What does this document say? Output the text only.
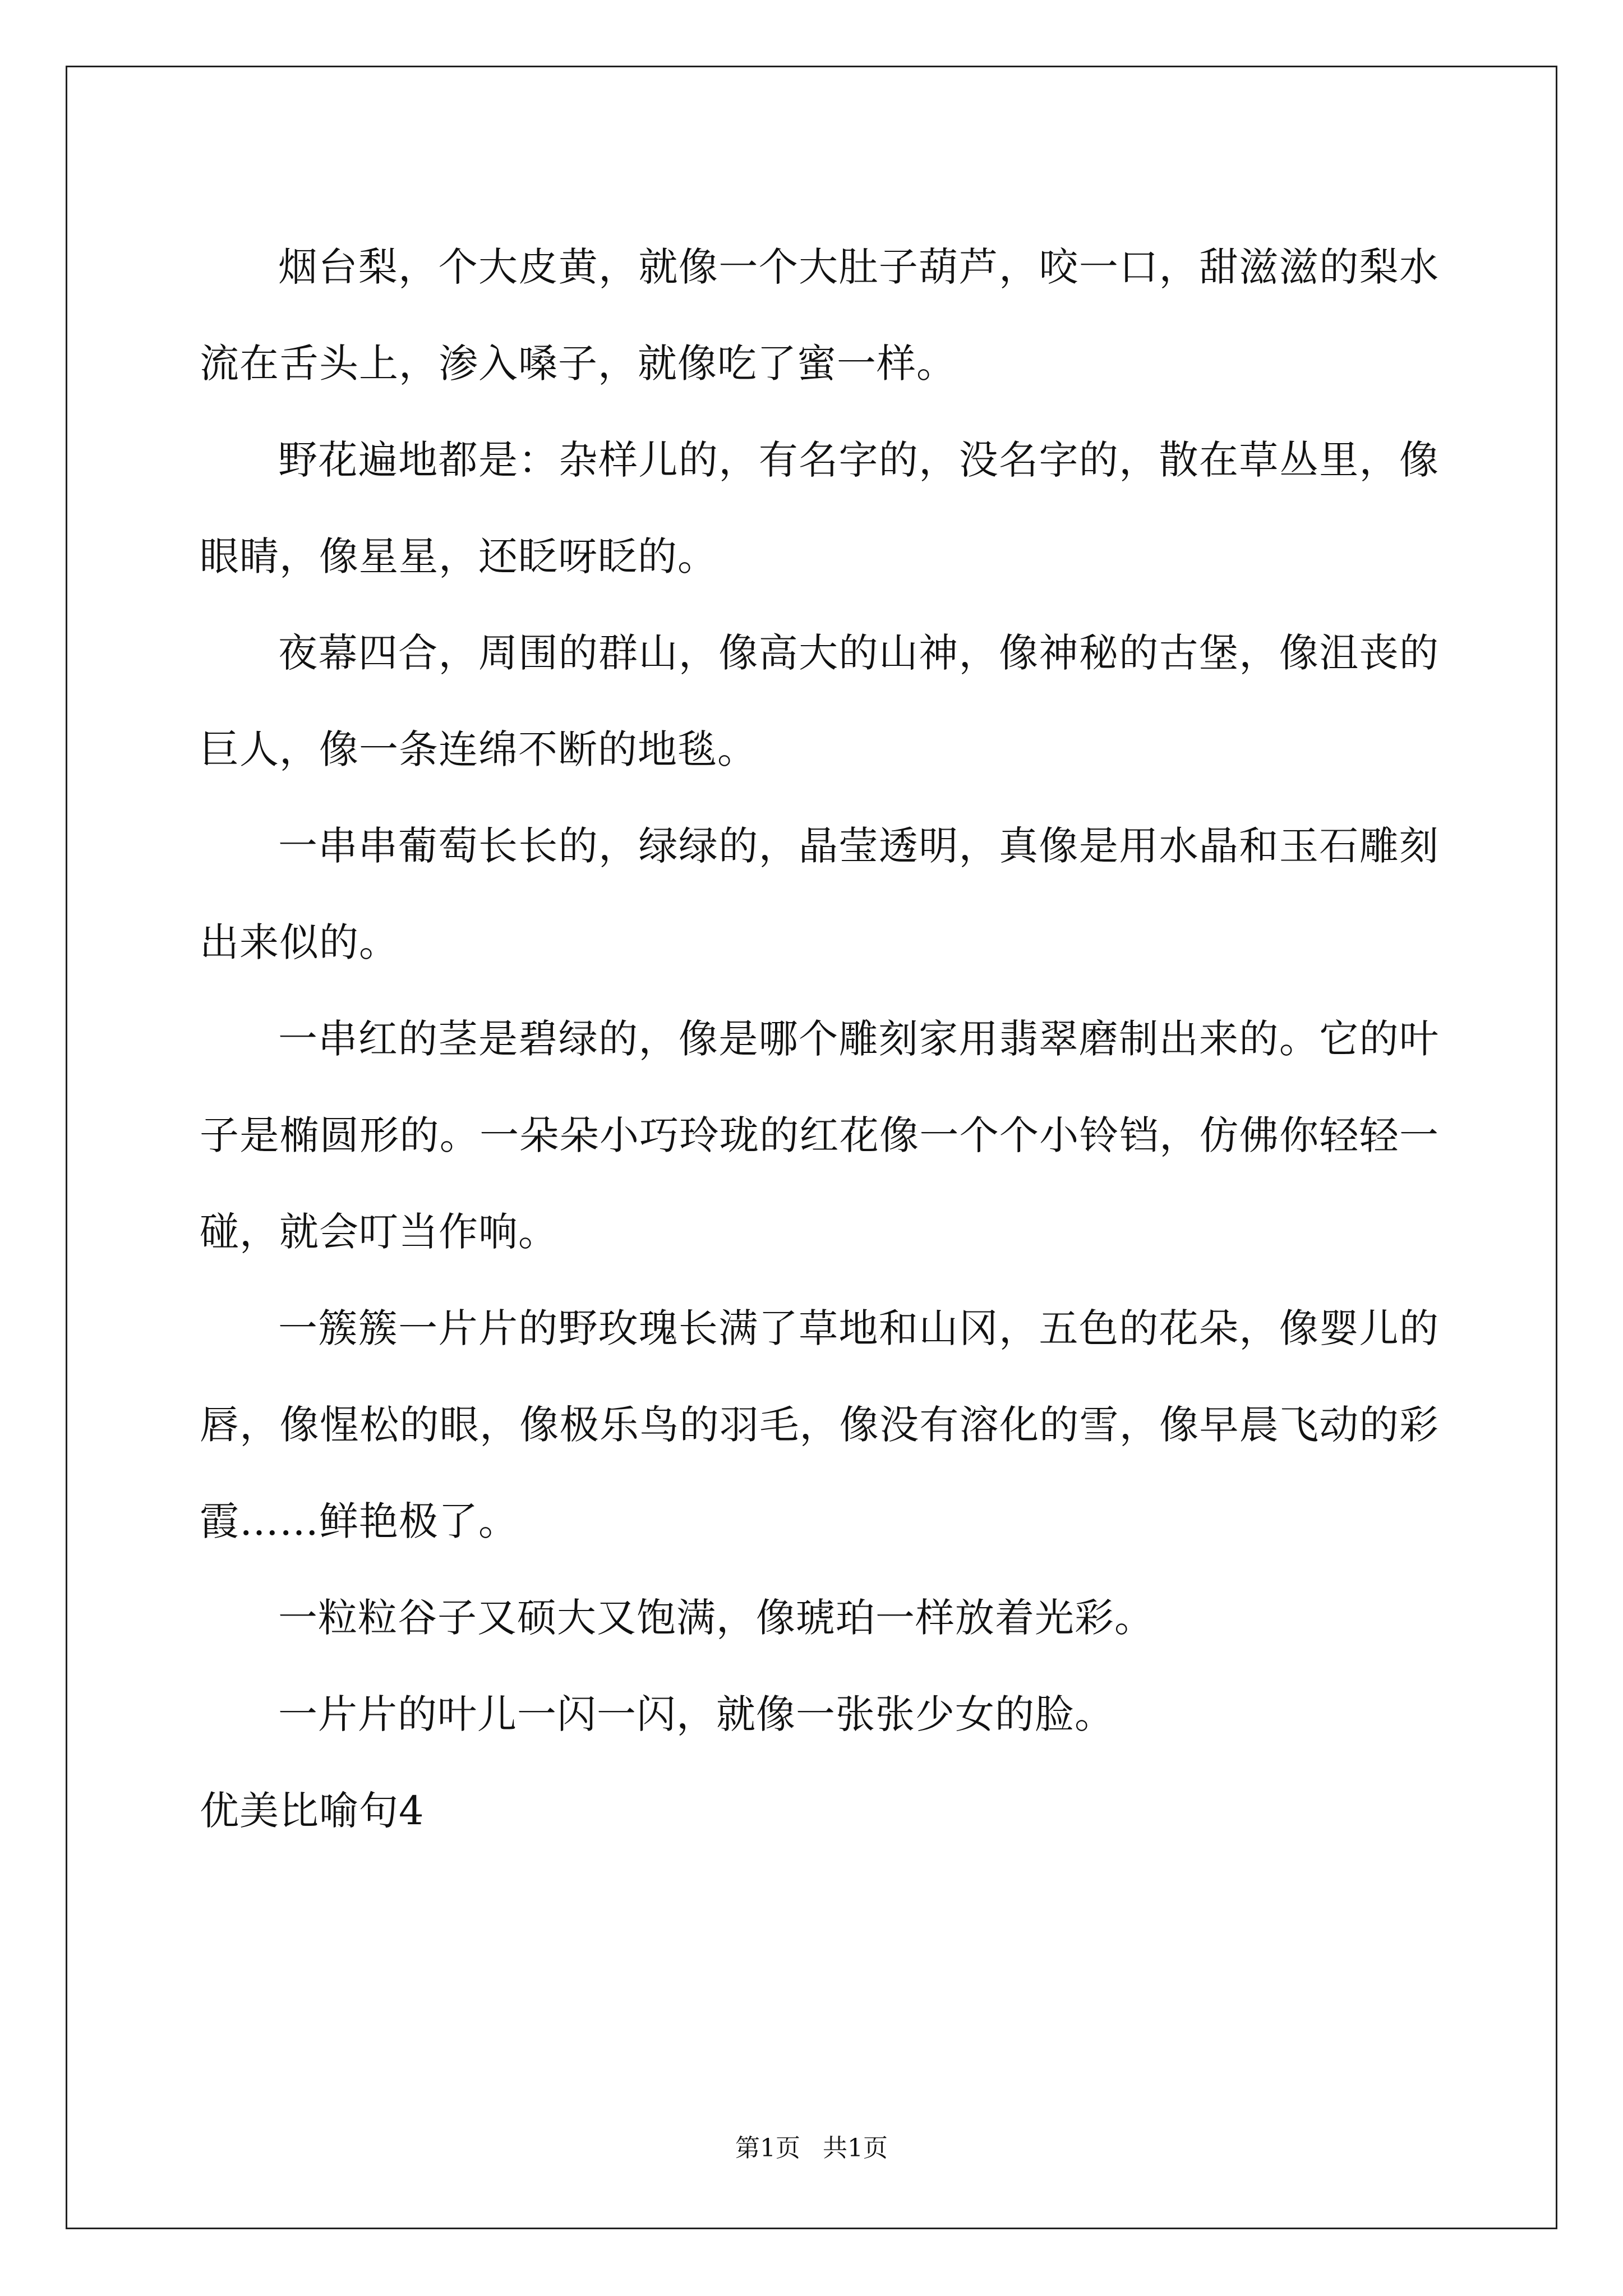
烟台梨，个大皮黄，就像一个大肚子葫芦，咬一口，甜滋滋的梨水流在舌头上，渗入嗓子，就像吃了蜜一样。

野花遍地都是：杂样儿的，有名字的，没名字的，散在草丛里，像眼睛，像星星，还眨呀眨的。

夜幕四合，周围的群山，像高大的山神，像神秘的古堡，像沮丧的巨人，像一条连绵不断的地毯。

一串串葡萄长长的，绿绿的，晶莹透明，真像是用水晶和玉石雕刻出来似的。

一串红的茎是碧绿的，像是哪个雕刻家用翡翠磨制出来的。它的叶子是椭圆形的。一朵朵小巧玲珑的红花像一个个小铃铛，仿佛你轻轻一碰，就会叮当作响。

一簇簇一片片的野玫瑰长满了草地和山冈，五色的花朵，像婴儿的唇，像惺松的眼，像极乐鸟的羽毛，像没有溶化的雪，像早晨飞动的彩霞……鲜艳极了。

一粒粒谷子又硕大又饱满，像琥珀一样放着光彩。

一片片的叶儿一闪一闪，就像一张张少女的脸。

优美比喻句4

第1页 共1页
